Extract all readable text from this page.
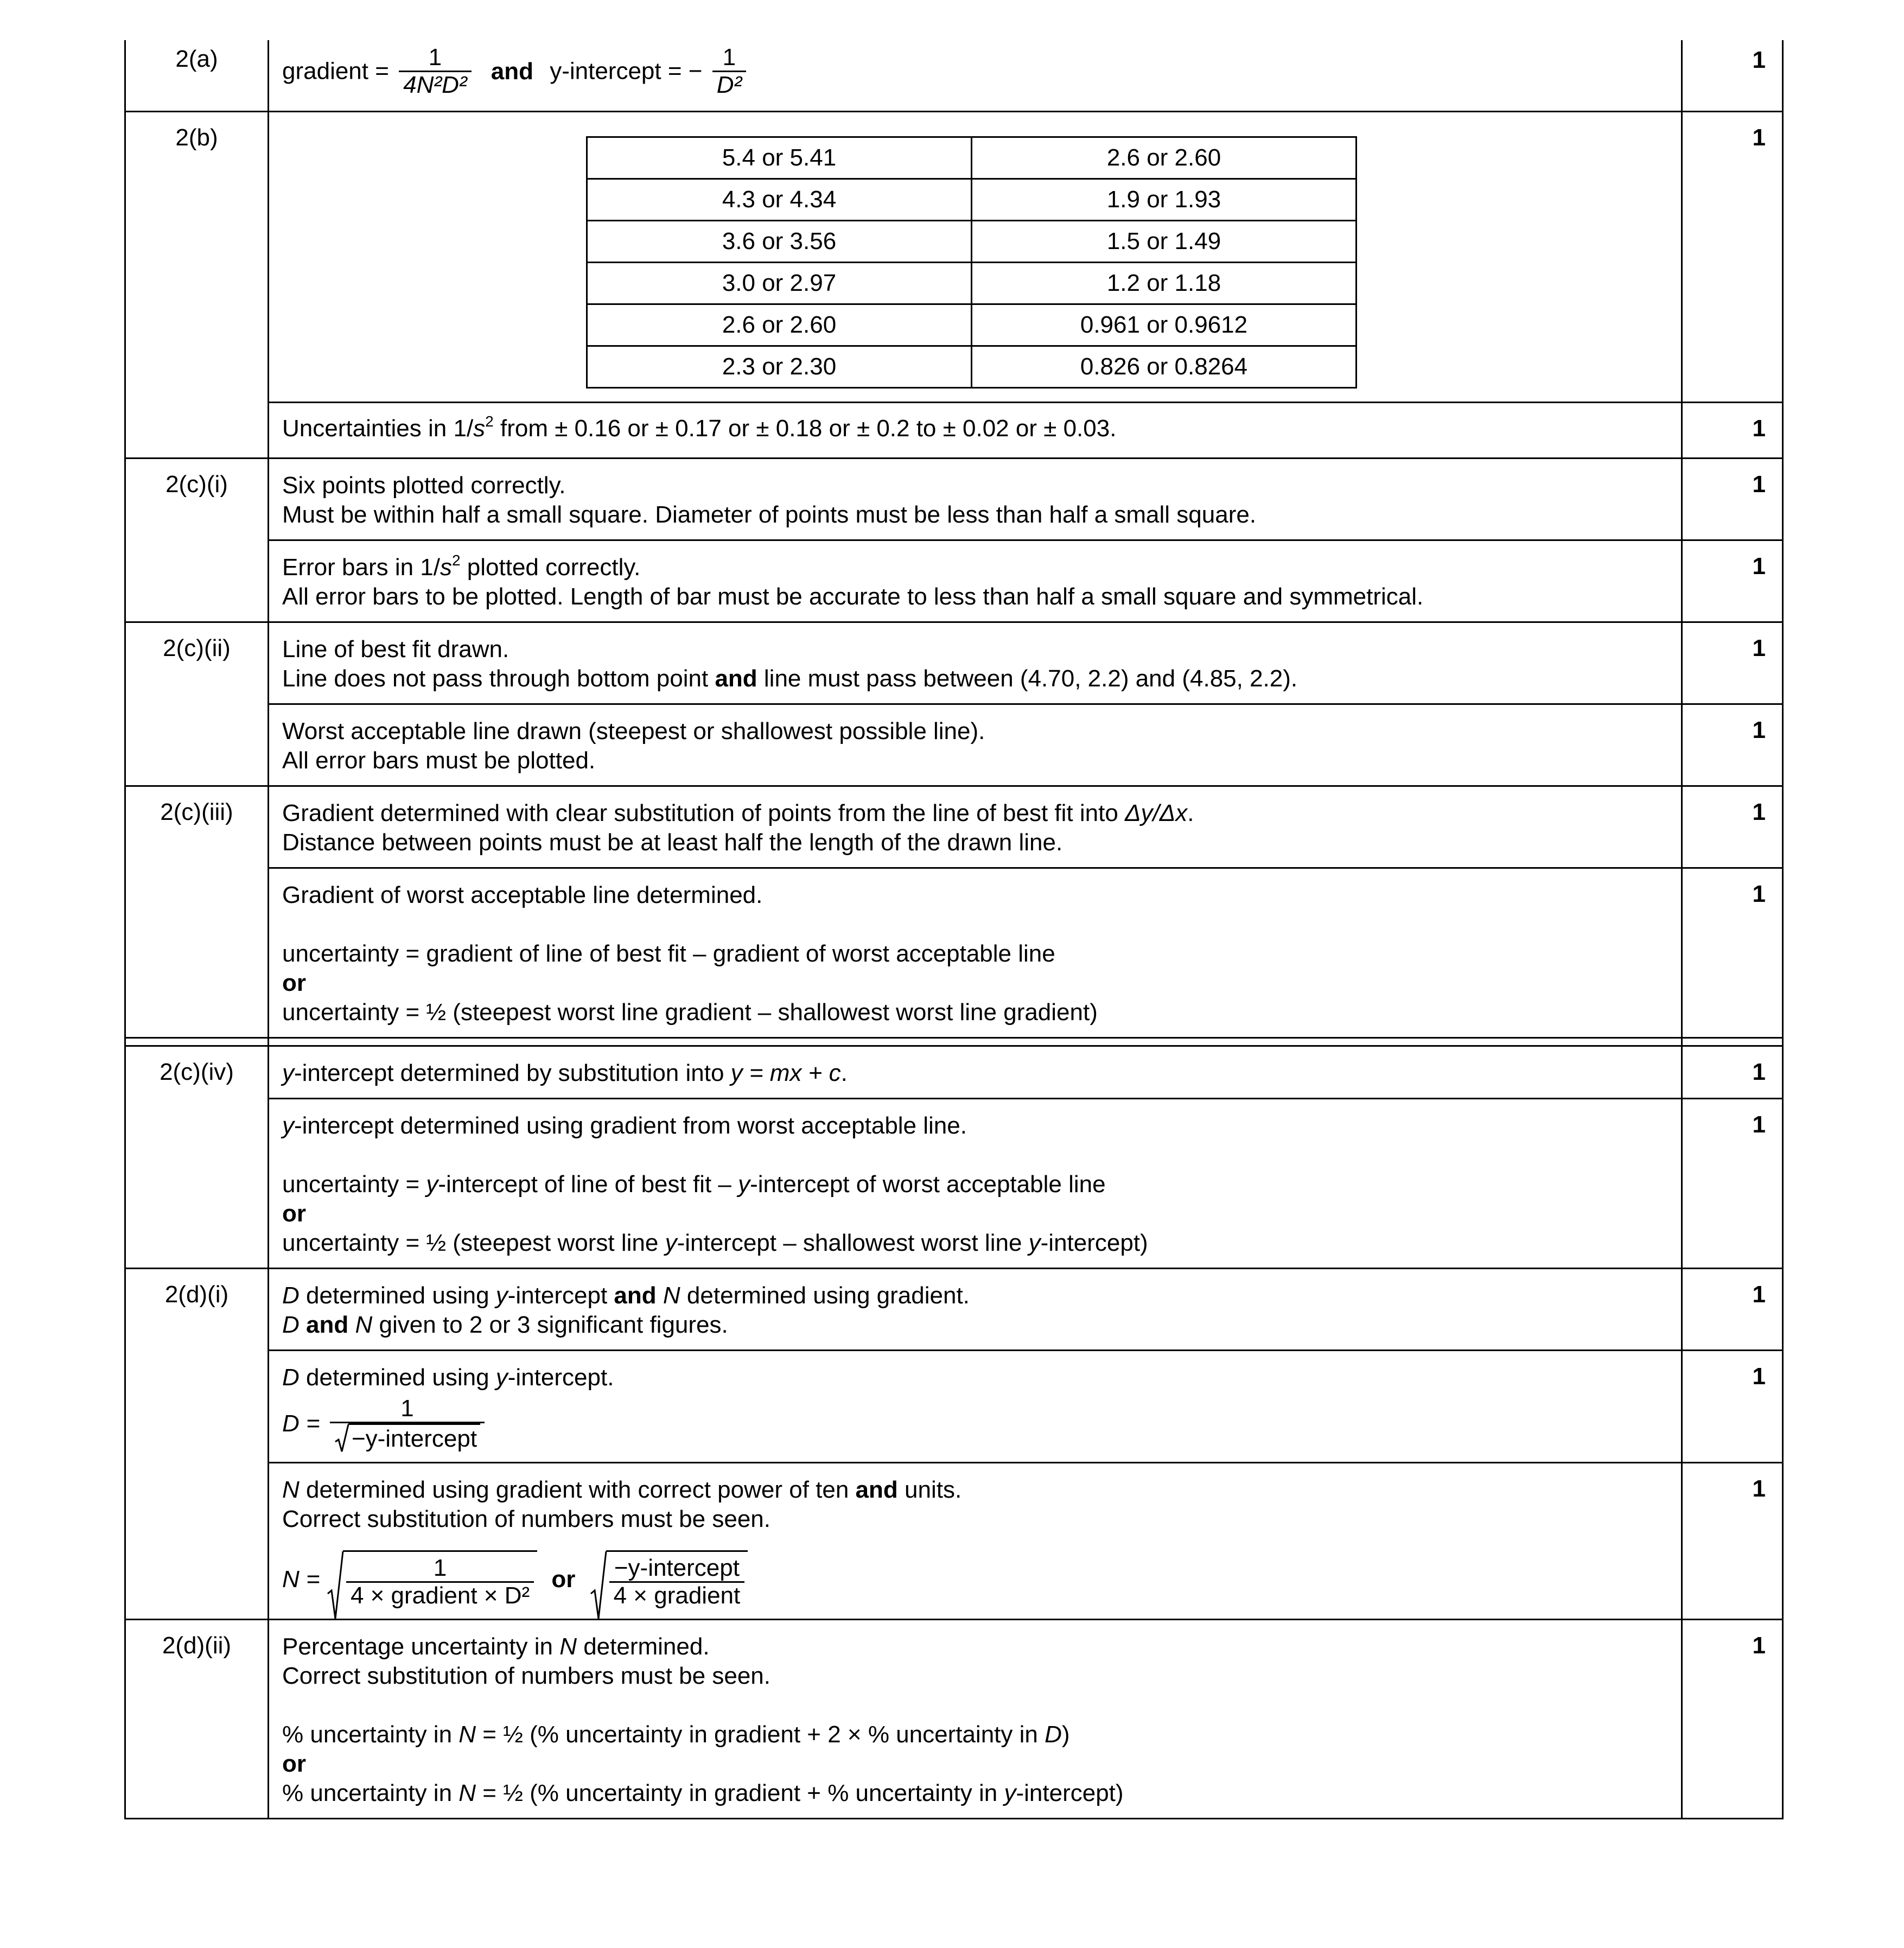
2(a)	gradient = $\frac{1}{\text{4N²D²}}$ and y-intercept = − $\frac{1}{\text{D²}}$	1
2(b)	
5.4 or 5.41	2.6 or 2.60
4.3 or 4.34	1.9 or 1.93
3.6 or 3.56	1.5 or 1.49
3.0 or 2.97	1.2 or 1.18
2.6 or 2.60	0.961 or 0.9612
2.3 or 2.30	0.826 or 0.8264
	1
Uncertainties in $1/s^2$ from ± 0.16 or ± 0.17 or ± 0.18 or ± 0.2 to ± 0.02 or ± 0.03.	1
2(c)(i)	Six points plotted correctly.
Must be within half a small square. Diameter of points must be less than half a small square.
	1

Error bars in $1/s^2$ plotted correctly.
All error bars to be plotted. Length of bar must be accurate to less than half a small square and symmetrical.
	1
2(c)(ii)	Line of best fit drawn.
Line does not pass through bottom point and line must pass between (4.70, 2.2) and (4.85, 2.2).
	1

Worst acceptable line drawn (steepest or shallowest possible line).
All error bars must be plotted.
	1
2(c)(iii)	Gradient determined with clear substitution of points from the line of best fit into Δy/Δx.
Distance between points must be at least half the length of the drawn line.
	1

Gradient of worst acceptable line determined.
uncertainty = gradient of line of best fit – gradient of worst acceptable line
or
uncertainty = ½ (steepest worst line gradient – shallowest worst line gradient)
	1

2(c)(iv)	y-intercept determined by substitution into y = mx + c.	1

y-intercept determined using gradient from worst acceptable line.
uncertainty = y-intercept of line of best fit – y-intercept of worst acceptable line
or
uncertainty = ½ (steepest worst line y-intercept – shallowest worst line y-intercept)
	1
2(d)(i)	D determined using y-intercept and N determined using gradient.
D and N given to 2 or 3 significant figures.
	1

D determined using y-intercept.
$D = \frac{1}{\text{−y-intercept}}$
	1

N determined using gradient with correct power of ten and units.
Correct substitution of numbers must be seen.
$N = \frac{1}{\text{4 × gradient × D²}}$ or $\frac{\text{−y-intercept}}{\text{4 × gradient}}$
	1
2(d)(ii)	Percentage uncertainty in N determined.
Correct substitution of numbers must be seen.
% uncertainty in N = ½ (% uncertainty in gradient + 2 × % uncertainty in D)
or
% uncertainty in N = ½ (% uncertainty in gradient + % uncertainty in y-intercept)
	1
